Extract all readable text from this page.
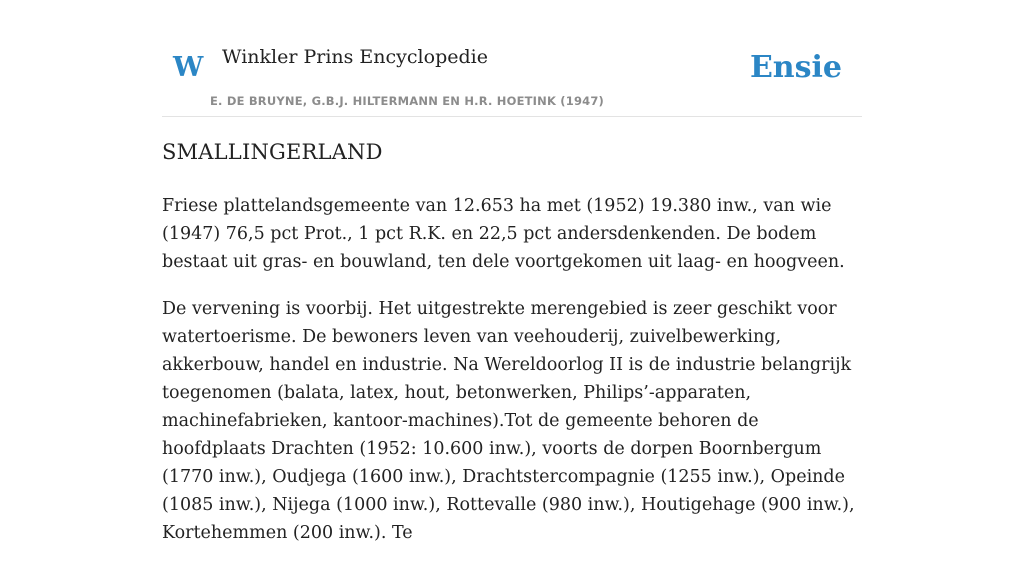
W Winkler Prins Encyclopedie
E. DE BRUYNE, G.B.J. HILTERMANN EN H.R. HOETINK (1947)
Ensie
SMALLINGERLAND

Friese plattelandsgemeente van 12.653 ha met (1952) 19.380 inw., van wie (1947) 76,5 pct Prot., 1 pct R.K. en 22,5 pct andersdenkenden. De bodem bestaat uit gras- en bouwland, ten dele voortgekomen uit laag- en hoogveen.

De vervening is voorbij. Het uitgestrekte merengebied is zeer geschikt voor watertoerisme. De bewoners leven van veehouderij, zuivelbewerking, akkerbouw, handel en industrie. Na Wereldoorlog II is de industrie belangrijk toegenomen (balata, latex, hout, betonwerken, Philips’-apparaten, machinefabrieken, kantoor-machines).Tot de gemeente behoren de hoofdplaats Drachten (1952: 10.600 inw.), voorts de dorpen Boornbergum (1770 inw.), Oudjega (1600 inw.), Drachtstercompagnie (1255 inw.), Opeinde (1085 inw.), Nijega (1000 inw.), Rottevalle (980 inw.), Houtigehage (900 inw.), Kortehemmen (200 inw.). Te
